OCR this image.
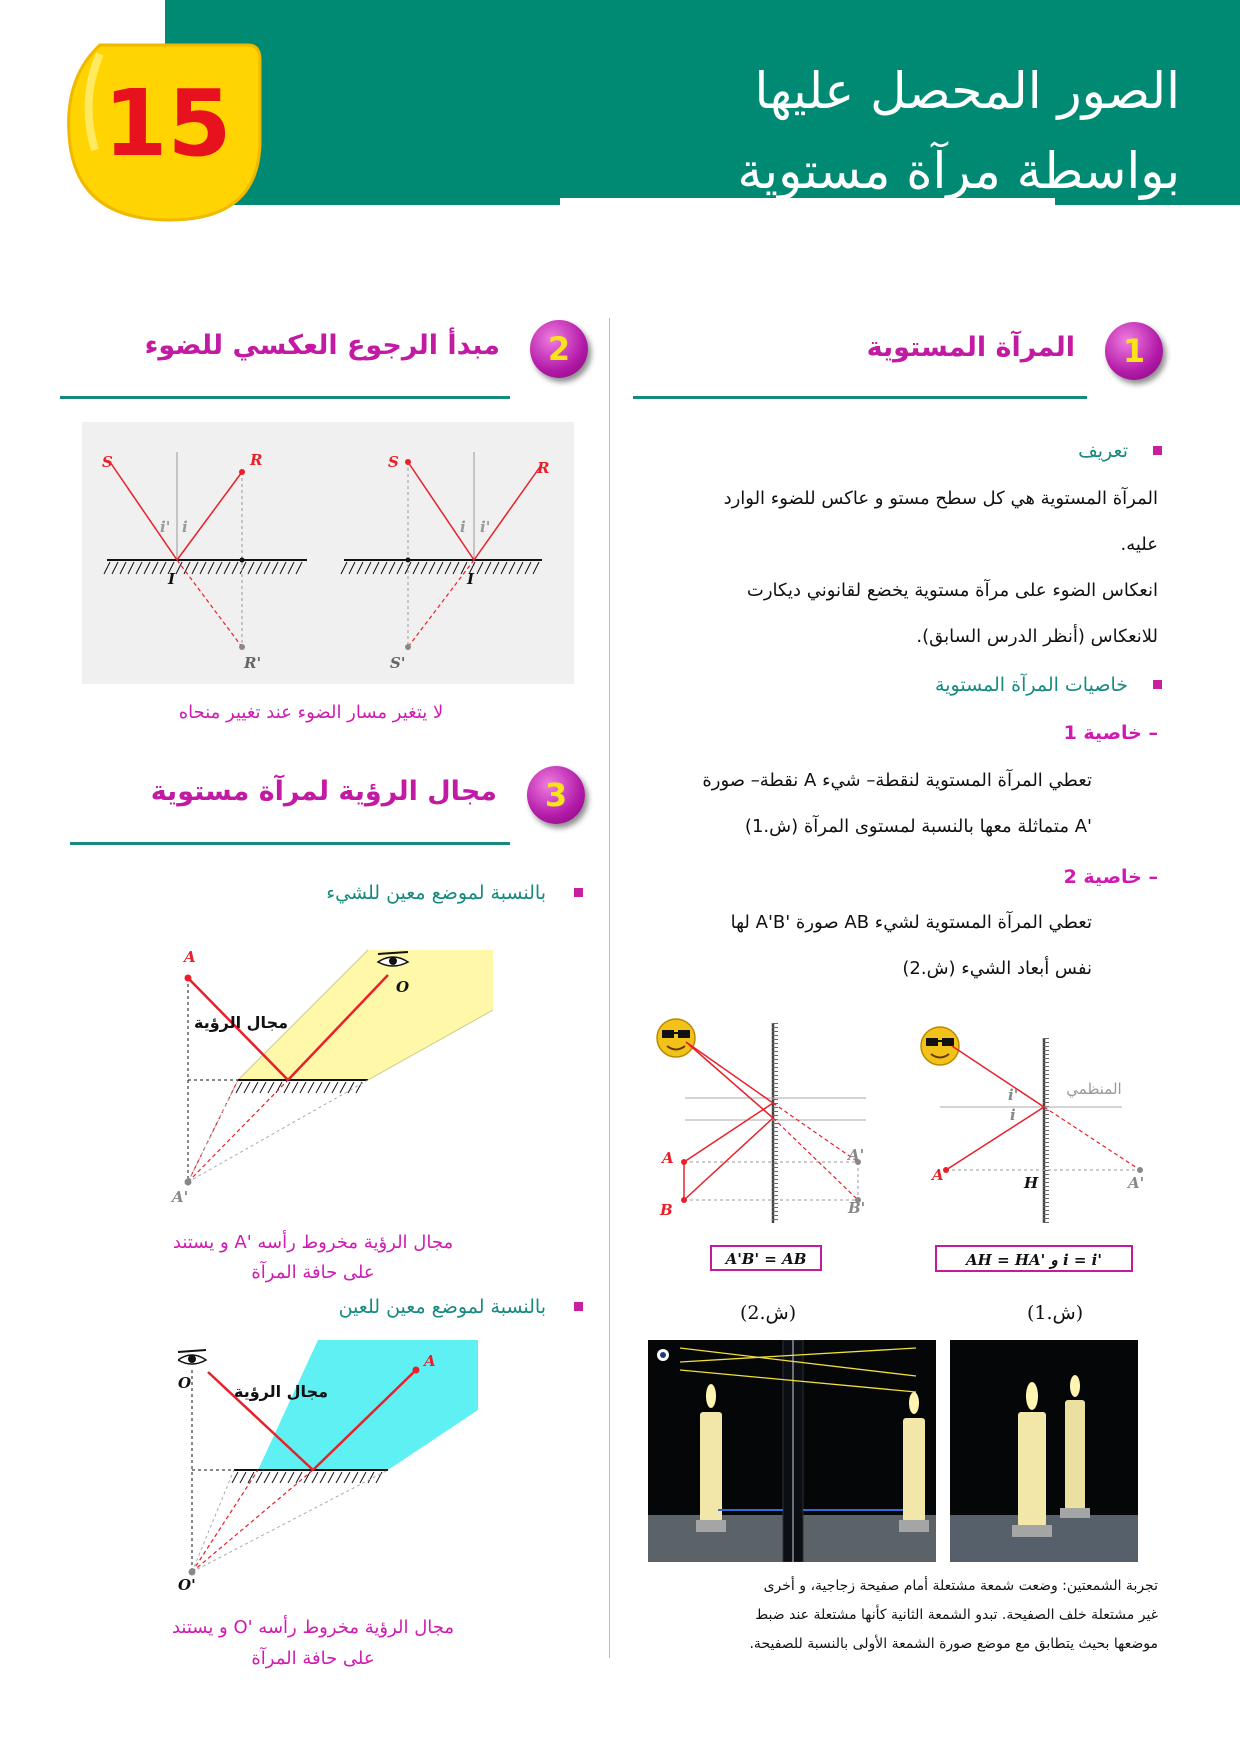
15	الصور المحصل عليها
بواسطة مرآة مستوية
1
المرآة المستوية
تعريف
المرآة المستوية هي كل سطح مستو و عاكس للضوء الوارد
عليه.
انعكاس الضوء على مرآة مستوية يخضع لقانوني ديكارت
للانعكاس (أنظر الدرس السابق).
خاصيات المرآة المستوية
– خاصية 1
تعطي المرآة المستوية لنقطة– شيء A نقطة– صورة
'A متماثلة معها بالنسبة لمستوى المرآة (ش.1)
– خاصية 2
تعطي المرآة المستوية لشيء AB صورة 'A'B لها
نفس أبعاد الشيء (ش.2)
A
B
A'
B'
A'B' = AB
(ش.2)
المنظمي
i'
i
A	H	A'
AH = HA' و i = i'
(ش.1)
تجربة الشمعتين: وضعت شمعة مشتعلة أمام صفيحة زجاجية، و أخرى
غير مشتعلة خلف الصفيحة. تبدو الشمعة الثانية كأنها مشتعلة عند ضبط
موضعها بحيث يتطابق مع موضع صورة الشمعة الأولى بالنسبة للصفيحة.
2
مبدأ الرجوع العكسي للضوء
S	R
i' i
I
R'
S	R
i i'
I
S'
لا يتغير مسار الضوء عند تغيير منحاه
3
مجال الرؤية لمرآة مستوية
بالنسبة لموضع معين للشيء
A
O
A'
مجال الرؤية
مجال الرؤية مخروط رأسه 'A و يستند
على حافة المرآة
بالنسبة لموضع معين للعين
O
A
O'
مجال الرؤية
مجال الرؤية مخروط رأسه 'O و يستند
على حافة المرآة
